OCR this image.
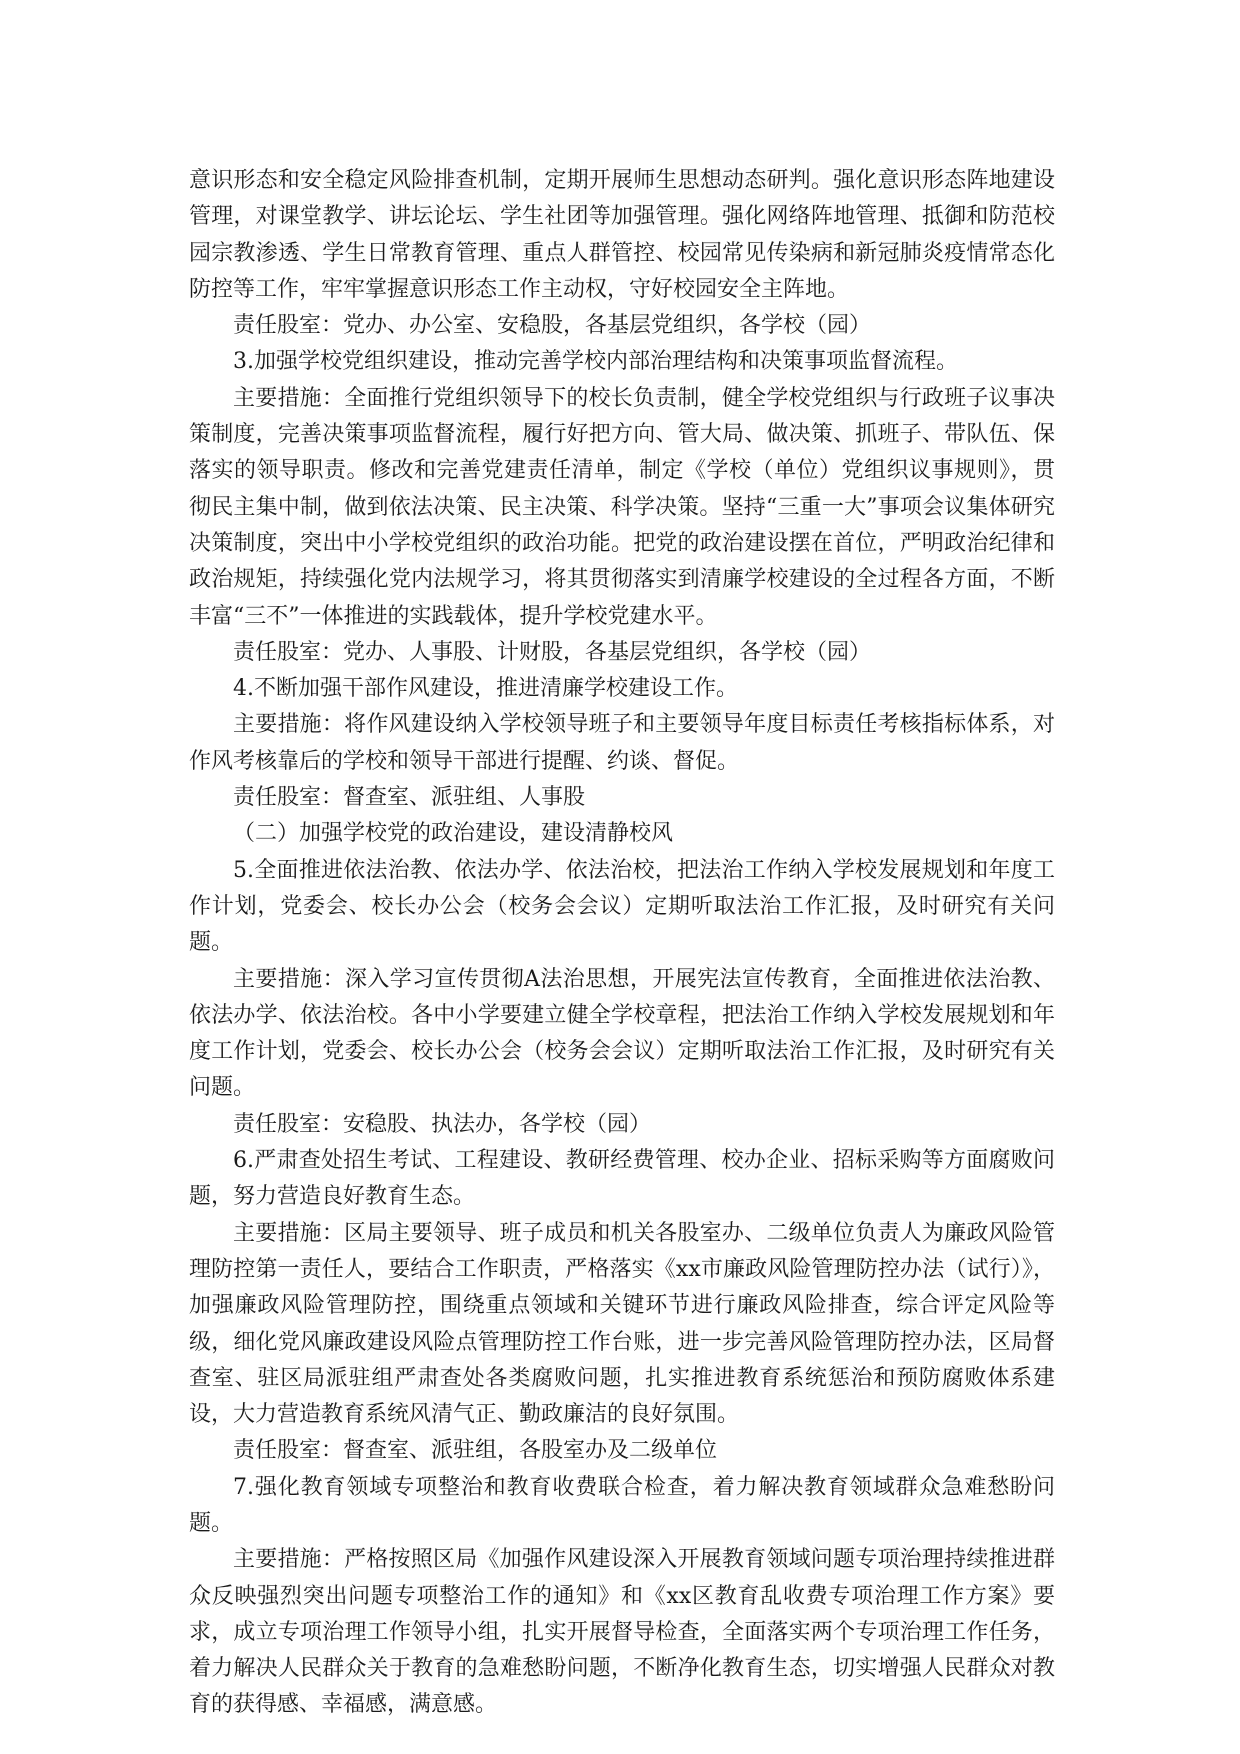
意识形态和安全稳定风险排查机制，定期开展师生思想动态研判。强化意识形态阵地建设管理，对课堂教学、讲坛论坛、学生社团等加强管理。强化网络阵地管理、抵御和防范校园宗教渗透、学生日常教育管理、重点人群管控、校园常见传染病和新冠肺炎疫情常态化防控等工作，牢牢掌握意识形态工作主动权，守好校园安全主阵地。

责任股室：党办、办公室、安稳股，各基层党组织，各学校（园）

3.加强学校党组织建设，推动完善学校内部治理结构和决策事项监督流程。

主要措施：全面推行党组织领导下的校长负责制，健全学校党组织与行政班子议事决策制度，完善决策事项监督流程，履行好把方向、管大局、做决策、抓班子、带队伍、保落实的领导职责。修改和完善党建责任清单，制定《学校（单位）党组织议事规则》，贯彻民主集中制，做到依法决策、民主决策、科学决策。坚持“三重一大”事项会议集体研究决策制度，突出中小学校党组织的政治功能。把党的政治建设摆在首位，严明政治纪律和政治规矩，持续强化党内法规学习，将其贯彻落实到清廉学校建设的全过程各方面，不断丰富“三不”一体推进的实践载体，提升学校党建水平。

责任股室：党办、人事股、计财股，各基层党组织，各学校（园）

4.不断加强干部作风建设，推进清廉学校建设工作。

主要措施：将作风建设纳入学校领导班子和主要领导年度目标责任考核指标体系，对作风考核靠后的学校和领导干部进行提醒、约谈、督促。

责任股室：督查室、派驻组、人事股

（二）加强学校党的政治建设，建设清静校风

5.全面推进依法治教、依法办学、依法治校，把法治工作纳入学校发展规划和年度工作计划，党委会、校长办公会（校务会会议）定期听取法治工作汇报，及时研究有关问题。

主要措施：深入学习宣传贯彻A法治思想，开展宪法宣传教育，全面推进依法治教、依法办学、依法治校。各中小学要建立健全学校章程，把法治工作纳入学校发展规划和年度工作计划，党委会、校长办公会（校务会会议）定期听取法治工作汇报，及时研究有关问题。

责任股室：安稳股、执法办，各学校（园）

6.严肃查处招生考试、工程建设、教研经费管理、校办企业、招标采购等方面腐败问题，努力营造良好教育生态。

主要措施：区局主要领导、班子成员和机关各股室办、二级单位负责人为廉政风险管理防控第一责任人，要结合工作职责，严格落实《xx市廉政风险管理防控办法（试行）》，加强廉政风险管理防控，围绕重点领域和关键环节进行廉政风险排查，综合评定风险等级，细化党风廉政建设风险点管理防控工作台账，进一步完善风险管理防控办法，区局督查室、驻区局派驻组严肃查处各类腐败问题，扎实推进教育系统惩治和预防腐败体系建设，大力营造教育系统风清气正、勤政廉洁的良好氛围。

责任股室：督查室、派驻组，各股室办及二级单位

7.强化教育领域专项整治和教育收费联合检查，着力解决教育领域群众急难愁盼问题。

主要措施：严格按照区局《加强作风建设深入开展教育领域问题专项治理持续推进群众反映强烈突出问题专项整治工作的通知》和《xx区教育乱收费专项治理工作方案》要求，成立专项治理工作领导小组，扎实开展督导检查，全面落实两个专项治理工作任务，着力解决人民群众关于教育的急难愁盼问题，不断净化教育生态，切实增强人民群众对教育的获得感、幸福感，满意感。
